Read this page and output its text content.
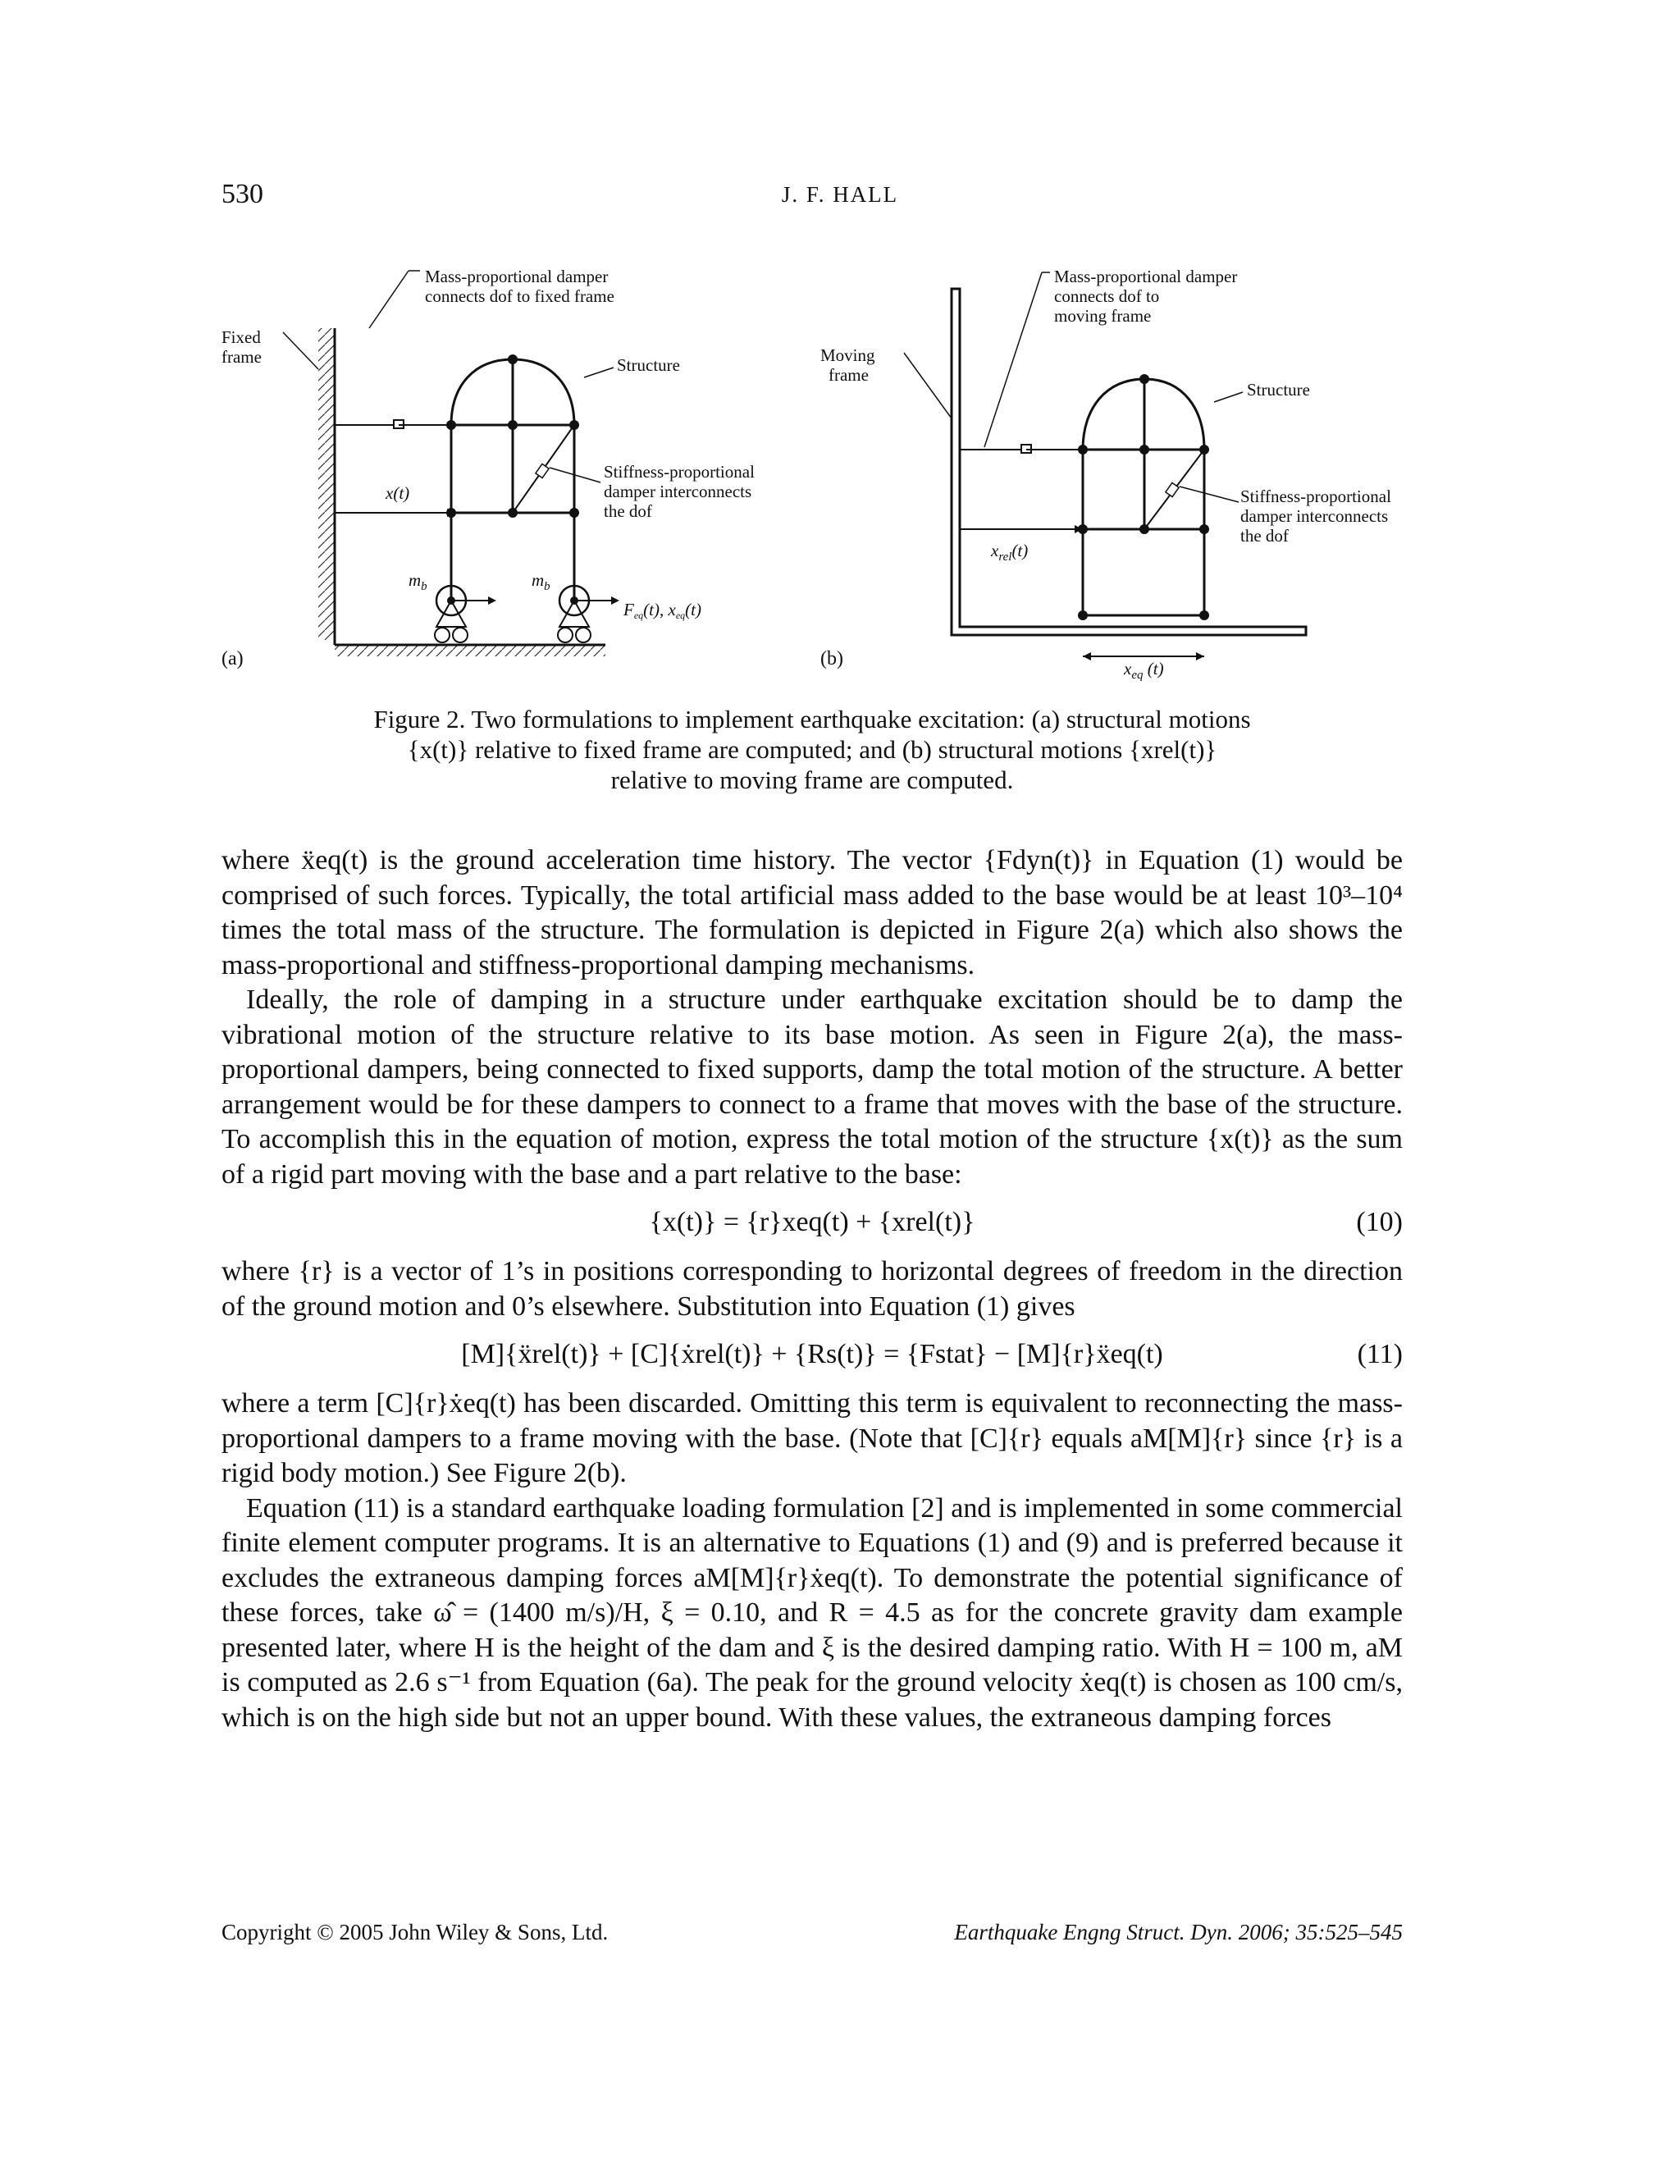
530	J. F. HALL
Fixed
frame
Mass-proportional damper
connects dof to fixed frame
Structure
Stiffness-proportional
damper interconnects
the dof
x(t)
$m_b$	$m_b$
Feq(t), xeq(t)
(a)
Moving
frame
Mass-proportional damper
connects dof to
moving frame
Structure
Stiffness-proportional
damper interconnects
the dof
$x_{rel}(t)$
$x_{eq}$ (t)
(b)
Figure 2. Two formulations to implement earthquake excitation: (a) structural motions
{x(t)} relative to fixed frame are computed; and (b) structural motions {xrel(t)}
relative to moving frame are computed.

where ẍeq(t) is the ground acceleration time history. The vector {Fdyn(t)} in Equation (1) would be comprised of such forces. Typically, the total artificial mass added to the base would be at least 10³–10⁴ times the total mass of the structure. The formulation is depicted in Figure 2(a) which also shows the mass-proportional and stiffness-proportional damping mechanisms.

Ideally, the role of damping in a structure under earthquake excitation should be to damp the vibrational motion of the structure relative to its base motion. As seen in Figure 2(a), the mass-proportional dampers, being connected to fixed supports, damp the total motion of the structure. A better arrangement would be for these dampers to connect to a frame that moves with the base of the structure. To accomplish this in the equation of motion, express the total motion of the structure {x(t)} as the sum of a rigid part moving with the base and a part relative to the base:

{x(t)} = {r}xeq(t) + {xrel(t)}	(10)

where {r} is a vector of 1’s in positions corresponding to horizontal degrees of freedom in the direction of the ground motion and 0’s elsewhere. Substitution into Equation (1) gives

[M]{ẍrel(t)} + [C]{ẋrel(t)} + {Rs(t)} = {Fstat} − [M]{r}ẍeq(t)	(11)

where a term [C]{r}ẋeq(t) has been discarded. Omitting this term is equivalent to reconnecting the mass-proportional dampers to a frame moving with the base. (Note that [C]{r} equals aM[M]{r} since {r} is a rigid body motion.) See Figure 2(b).

Equation (11) is a standard earthquake loading formulation [2] and is implemented in some commercial finite element computer programs. It is an alternative to Equations (1) and (9) and is preferred because it excludes the extraneous damping forces aM[M]{r}ẋeq(t). To demonstrate the potential significance of these forces, take ω̂ = (1400 m/s)/H, ξ = 0.10, and R = 4.5 as for the concrete gravity dam example presented later, where H is the height of the dam and ξ is the desired damping ratio. With H = 100 m, aM is computed as 2.6 s⁻¹ from Equation (6a). The peak for the ground velocity ẋeq(t) is chosen as 100 cm/s, which is on the high side but not an upper bound. With these values, the extraneous damping forces

Copyright © 2005 John Wiley & Sons, Ltd.	Earthquake Engng Struct. Dyn. 2006; 35:525–545
